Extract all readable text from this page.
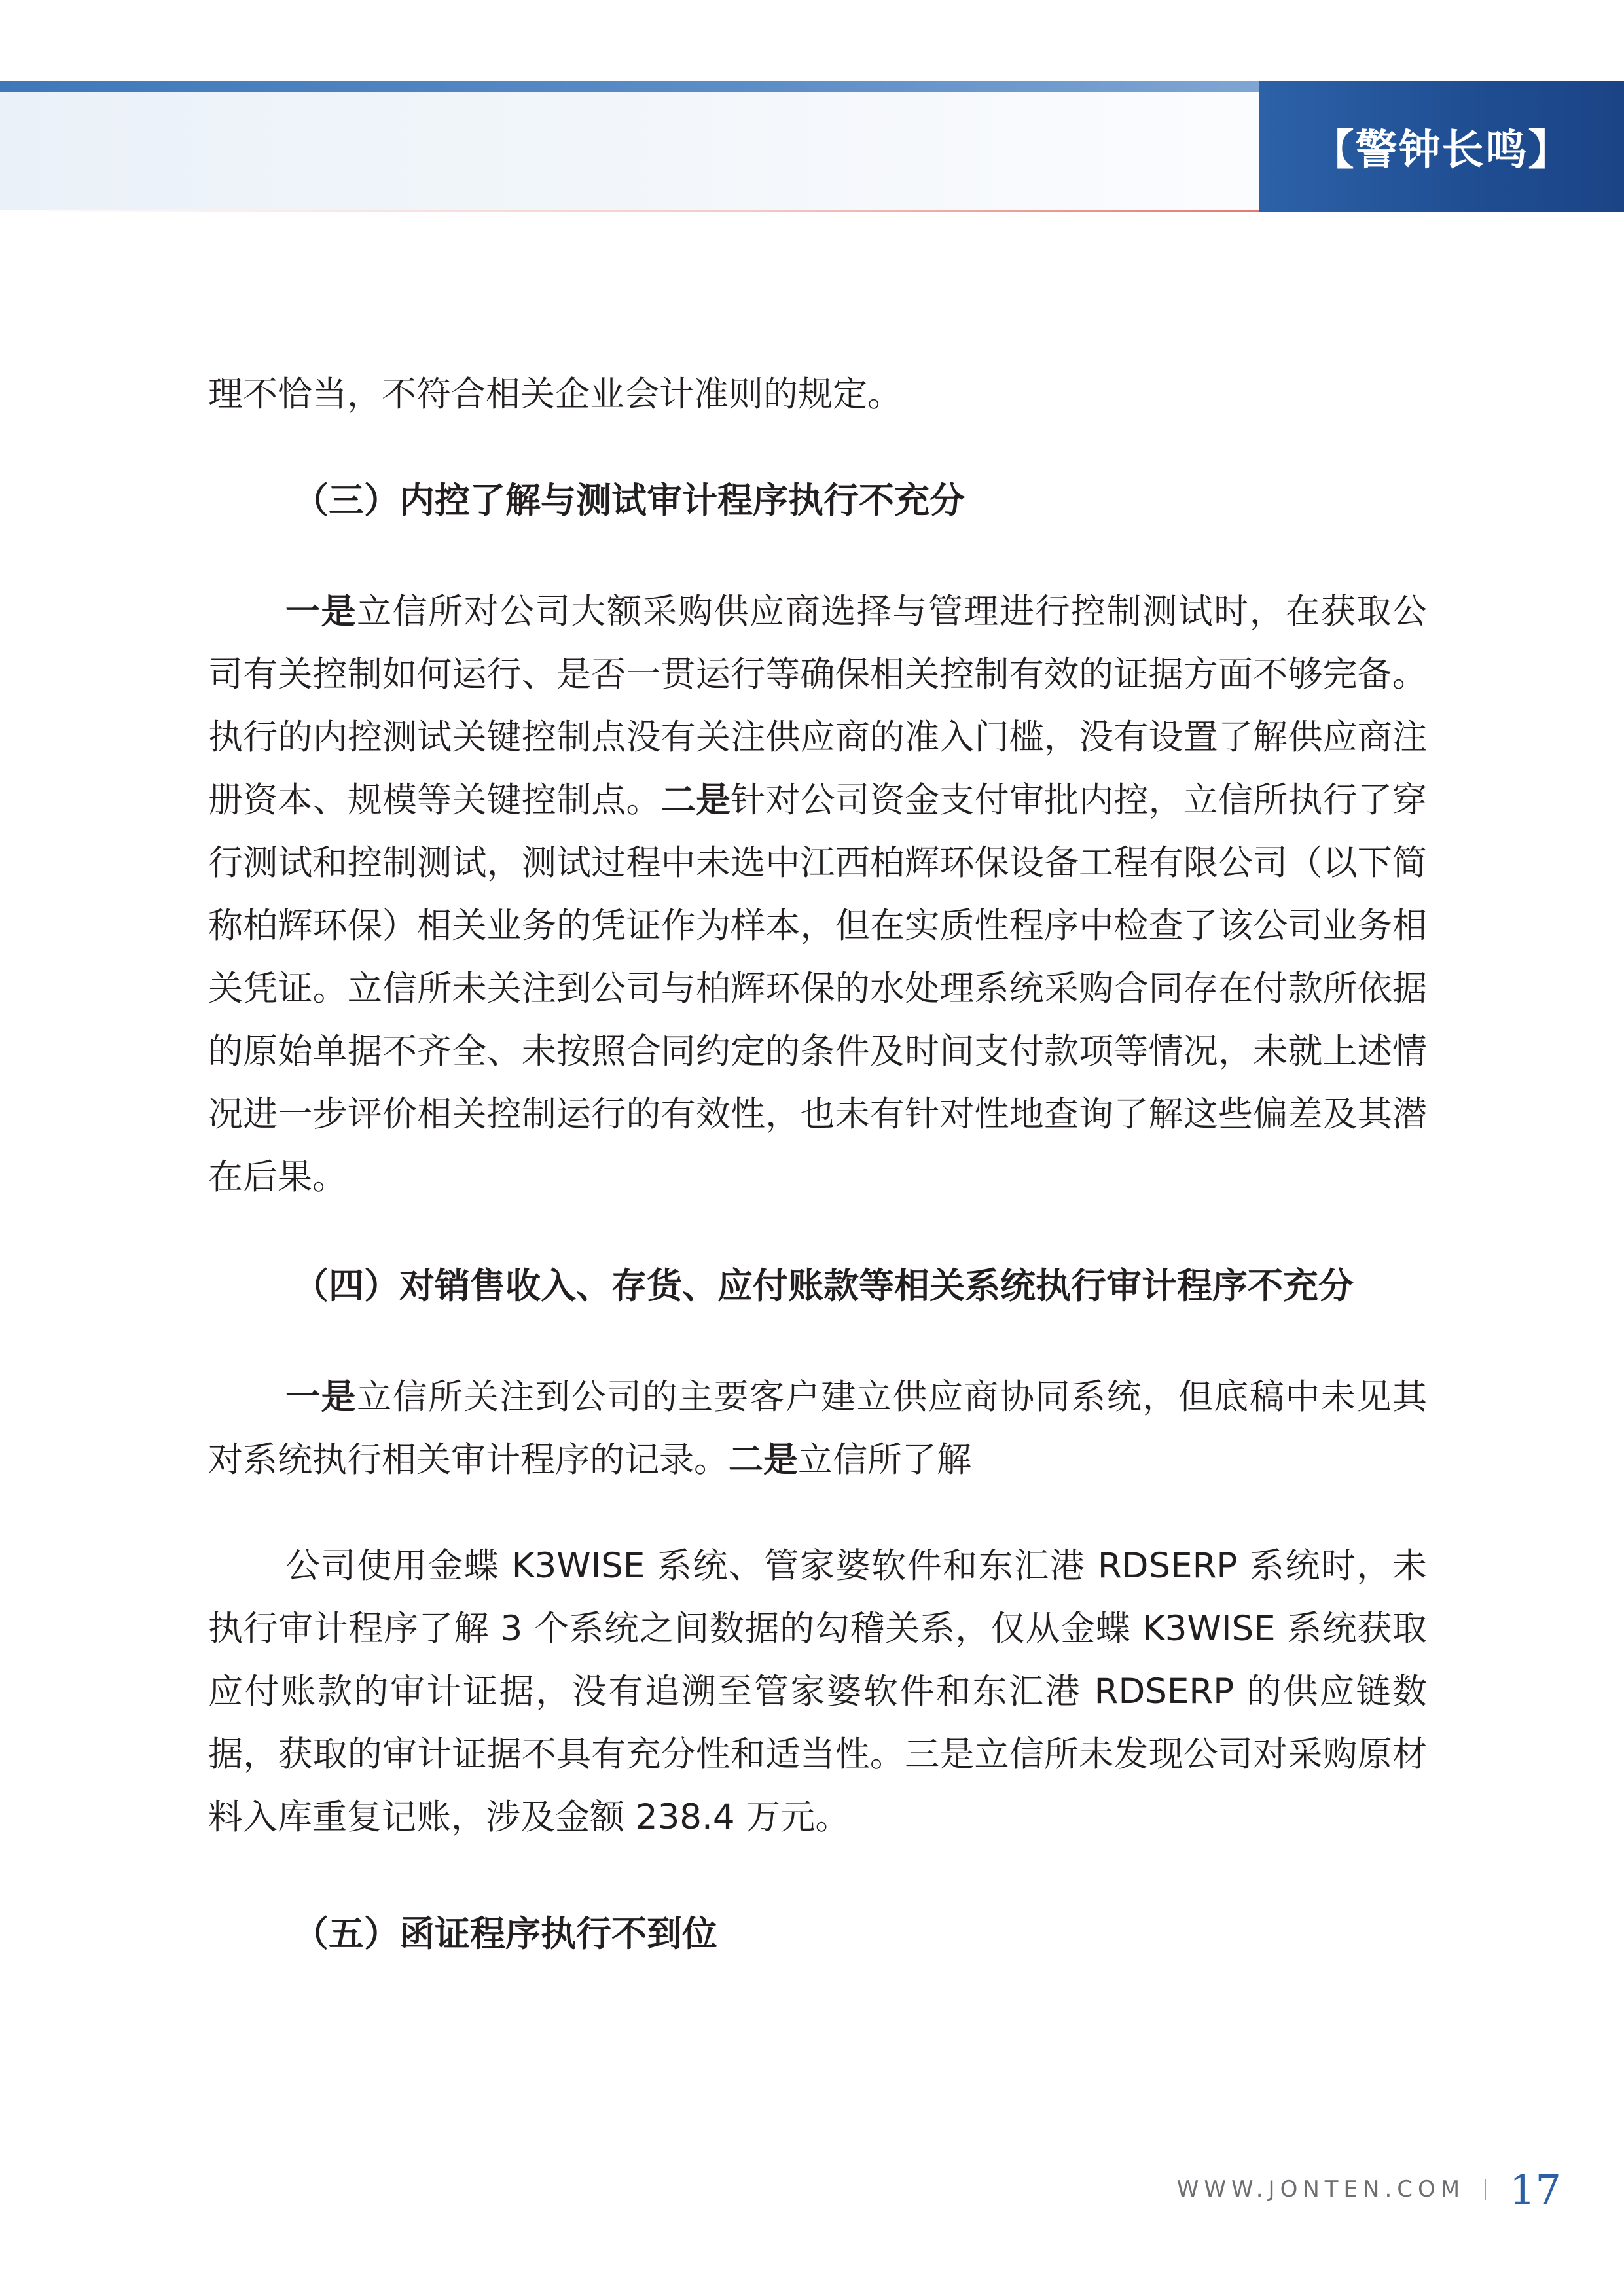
【警钟长鸣】

理不恰当，不符合相关企业会计准则的规定。

（三）内控了解与测试审计程序执行不充分

一是立信所对公司大额采购供应商选择与管理进行控制测试时，在获取公司有关控制如何运行、是否一贯运行等确保相关控制有效的证据方面不够完备。执行的内控测试关键控制点没有关注供应商的准入门槛，没有设置了解供应商注册资本、规模等关键控制点。二是针对公司资金支付审批内控，立信所执行了穿行测试和控制测试，测试过程中未选中江西柏辉环保设备工程有限公司（以下简称柏辉环保）相关业务的凭证作为样本，但在实质性程序中检查了该公司业务相关凭证。立信所未关注到公司与柏辉环保的水处理系统采购合同存在付款所依据的原始单据不齐全、未按照合同约定的条件及时间支付款项等情况，未就上述情况进一步评价相关控制运行的有效性，也未有针对性地查询了解这些偏差及其潜在后果。

（四）对销售收入、存货、应付账款等相关系统执行审计程序不充分

一是立信所关注到公司的主要客户建立供应商协同系统，但底稿中未见其对系统执行相关审计程序的记录。二是立信所了解

公司使用金蝶 K3WISE 系统、管家婆软件和东汇港 RDSERP 系统时，未执行审计程序了解 3 个系统之间数据的勾稽关系，仅从金蝶 K3WISE 系统获取应付账款的审计证据，没有追溯至管家婆软件和东汇港 RDSERP 的供应链数据，获取的审计证据不具有充分性和适当性。三是立信所未发现公司对采购原材料入库重复记账，涉及金额 238.4 万元。

（五）函证程序执行不到位

WWW.JONTEN.COM 17
